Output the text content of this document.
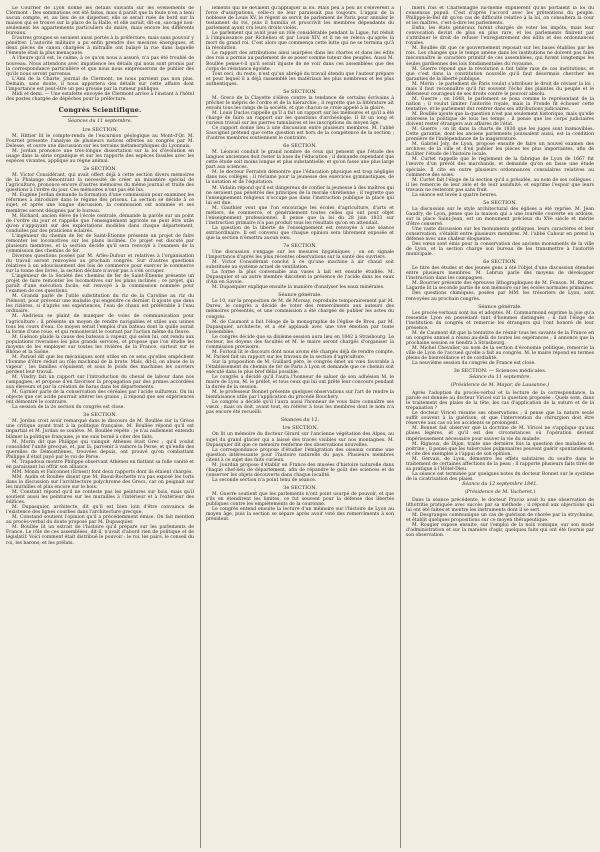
Le Courrier de Lyon donne les détails suivants sur les événements de Clermont : Des sommations ont été faites, mais il paraît que la foule n'en a tenu aucun compte, et, au lieu de se disperser, elle se serait ruée de bord sur la maison qui se trouve sur la place de la Halle, et elle aurait, dit-on, saccagé non-seulement les appartements particuliers du maire, mais encore les différents bureaux.

D'autres groupes se seraient aussi portés à la préfecture, mais sans pouvoir y pénétrer. L'autorité militaire a pu enfin prendre des mesures énergiques, et deux pièces de canon chargées à mitraille ont balayé la rue dans laquelle l'émeute était la plus menaçante.

A l'heure qu'il est, le calme, à ce qu'on nous a assuré, n'a pas été troublé de nouveau. Nous attendons avec impatience les détails qui nous sont promis par la correspondance particulière et que nous nous empresserons de publier dès qu'ils nous seront parvenus.

L'Ami de la Charte, journal de Clermont, ne nous parvient pas non plus. Demain, sans doute, il nous apportera des détails sur cette affaire dont l'importance est peut-être un peu grossie par la rumeur publique.

Midi et demi. — Une estafette envoyée de Clermont arrive à l'instant à l'hôtel des postes chargée de dépêches pour la préfecture.

Congrès Scientifique.
Séances du 11 septembre.
1re SECTION.

M. Hittier lit le compte-rendu de l'excursion géologique au Mont-d'Or. M. Fournet présente l'analyse de plusieurs notices offertes au congrès par M. Delesse, et ouvre une discussion sur les terrains métamorphiques du Lyonnais.

M. Jordan prononce une très-longue dissertation sur la loi d'évolution en usage dans la série organique et sur les rapports des espèces fossiles avec les espèces vivantes, appliqué au règne animal.

2e SECTION.

M. Victor Considérant, qui avait offert déjà à cette section divers mémoires de la Phalange démontrant la nécessité de créer un ministère spécial de l'agriculture, prononce encore d'autres mémoires du même journal et traite des questions à l'ordre du jour. Ces mémoires n'ont pas été lus.

M. Eugène Jordan demande la formation d'une commission pour examiner les réformes à introduire dans le régime des prisons. La section se décide à ce sujet, et après une longue discussion, la commission est nommée et ses membres seront désignés par le bureau.

M. Richard, ancien élève de l'école centrale, demande la parole sur un point de l'ordre du jour et rappelle que l'enseignement agricole ne peut être utile qu'en s'appuyant sur des exploitations modèles dans chaque département, conduites par des praticiens éclairés.

L'ingénieur du chemin de fer de Saint-Étienne présente un projet de faire remonter les locomotives sur les plans inclinés. Ce projet est discuté par plusieurs membres, et la section décide qu'il sera renvoyé à l'examen de la commission des chemins de fer.

Diverses questions posées par M. Arlès-Dufour et relatives à l'organisation du travail seront renvoyées au prochain congrès. Sur d'autres questions relatives à un adoucissement des lois de commerce pour exercer le commerce sur la tonne des livres, la section déclare n'avoir pas à s'en occuper.

L'ingénieur de la Société des chemins de fer de Saint-Étienne présente un projet de faire remonter les locomotives sur les plans inclinés ; ce projet, qui paraît d'une exécution facile, est renvoyé à la commission nommée pour l'examen de ces questions.

M. Granda parle de l'utile substitution du riz de la Caroline au riz du Piémont, pour prévenir une maladie qui engendre ce dernier. Il ajoute que dans les rizières, si d'après ses expériences, l'eau de chaux est préférable à l'eau ordinaire.

M. Andrieux se plaint de manquer de voies de communication pour l'agriculture : il présente un moyen de rendre navigables et utiles aux usines tous les cours d'eau. Ce moyen serait l'emploi d'un bateau dont la quille aurait la forme d'une roue, et qui remonterait le courant par l'action même du fleuve.

M. Guénon plaide la cause des bateaux à vapeur, qui selon lui, ont rendu aux populations riveraines les plus grands services, et propose que l'on étudie les moyens de les employer sur toutes les rivières de la France, surtout sur le Rhône et la Saône.

M. Parisel dit que les mécaniques sont utiles en ce sens qu'elles empêchent l'homme d'être réduit au rôle machinal de la brute. Mais, dit-il, on abuse de la vapeur ; les familles s'épuisent, et sous le poids des machines les ouvriers perdent leur travail.

M. Vindry fait un rapport sur l'introduction du cheval de labour dans nos campagnes, et propose d'en favoriser la propagation par des primes accordées aux éleveurs et par la création de haras dans les départements.

M. Garnier parle de la conservation des céréales par l'acide sulfureux. On lui objecte que cet acide pourrait altérer les grains ; il répond que ses expériences ont démontré le contraire.

La session de la 2e section du congrès est close.

3e SECTION.

M. Jordan croit avoir remarqué dans le discours de M. Boullée sur la Grèce une critique ayant trait à la politique française. M. Boullée répond qu'il est impartial et M. Jordan se soulève. M. Boullée répète : je n'ai nullement entendu blâmer la politique française, je me suis borné à citer des faits.

M. Morin dit que Philippe qui vainquit Athènes était Grec ; qu'il voulut consolider l'unité grecque, et, par là, parvenir à vaincre la Perse, et qu'enfin des querelles de Démosthènes, trouvées depuis, ont prouvé qu'en combattant Philippe il était payé par le roi de Perse.

M. Trapadoux montre Philippe observant Athènes en flattant sa folle vanité et en paraissant lui offrir son alliance.

MM. Monin et Falconnet (Ernest) font deux rapports dont ils étaient chargés.

MM. Audin et Boullée disent que M. Baoul-Rochette n'a pas exposé les torts dans la discussion sur l'architecture polychrome des Grecs, car on peignait sur les murailles et plus encore sur le bois.

M. Constant répond qu'il ne conteste pas les peintures sur bois, mais qu'il soutient aussi les peintures sur les murailles à l'intérieur et à l'extérieur des édifices.

M. Dupasquier, architecte, dit qu'il est bien loin d'être convaincu de l'existence des lignes courbes dans l'architecture grecque.

M. Constand soutient l'opinion qu'il a précédemment émise. On fait mention au procès-verbal du doute proposé par M. Dupasquier.

M. Boullée lit un extrait de l'histoire qu'il prépare sur les parlements de France. Le rôle de ces assemblées, dit-il, n'avait d'abord rien de politique et de législatif. Voici comment était distribué le pouvoir : le roi, les pairs, le conseil du roi, les barons, et les prélats.

lements qui ne devaient qu'appliquer la loi. Mais peu à peu ils s'élevèrent à force d'usurpations, celle-ci ne leur paraissait pas toujours. L'appui de la noblesse de Louis XV, le régent se servit de parlement de Paris pour annuler le testament du roi, puis il humilia et proscrivit les membres dépendants du parlement ayant cru leurs droits violés.

Le parlement qui avait joué un rôle considérable pendant la Ligue, fut réduit à l'impuissance par Richelieu et par Louis XIV, et il ne se releva qu'après la mort du grand roi. C'est alors que commença cette lutte qui ne se termina qu'à la révolution.

Le rapport des attributions ainsi usurpées dans les chartes et dans les édits des rois a permis au parlement de se poser comme tuteur des peuples. Aussi M. Boullée pense-t-il qu'il serait injuste de ne voir dans ces assemblées que des corps de résistance égoïste.

Tout ceci, du reste, n'est qu'un abrégé du travail étendu que l'auteur prépare et pour lequel il a déjà rassemblé les matériaux les plus nombreux et les plus authentiques.

5e SECTION.

M. Greco de la Clayette s'élève contre la tendance de certains écrivains à prêcher le mépris de l'ordre et de la hiérarchie ; il regrette que la littérature ait envahi tous les rangs de la société, et que chacun se croie appelé à la gloire.

M. Louis Duclos rappelle qu'il a fait un rapport sur les mémoires et qu'il a été chargé de faire un rapport sur les questions d'archéologie. Il lit un long et curieux travail sur les pierres tumulaires et les inscriptions du moyen âge.

Ce rapport donne lieu à une discussion entre plusieurs membres. M. l'abbé Sauvignet prétend que cette question est hors de la compétence de la section ; d'autres membres soutiennent le contraire.

6e SECTION.

M. Léoncel conduit le grand nombre de ceux qui pensent que l'étude des langues anciennes doit rester la base de l'éducation ; il demande cependant que cette étude soit moins longue et plus substantielle, et qu'on fasse une plus large part aux sciences.

M. le docteur Ferraton démontre que l'éducation physique est trop négligée dans nos collèges ; il réclame pour la jeunesse des exercices gymnastiques, de la natation et de l'équitation.

M. Vidalin répond qu'il est dangereux de confier la jeunesse à des maîtres qui ne seraient pas pénétrés des principes de la morale chrétienne ; il regrette que l'enseignement religieux n'occupe pas dans l'instruction publique la place qui lui est due.

M. Gauthier veut que l'on encourage les écoles d'agriculture, d'arts et métiers, de commerce, et généralement toutes celles qui ont pour objet l'enseignement professionnel. Il pense que la loi du 28 juin 1833 sur l'instruction primaire n'a pas produit tous les résultats qu'on en attendait.

La question de la liberté de l'enseignement est renvoyée à une séance extraordinaire. Il est convenu que chaque opinion sera librement exposée et que la section n'émettra aucun vœu.

7e SECTION.

Une discussion s'engage sur les mesures hygiéniques ; on en signale l'importance d'après les plus récentes observations sur la santé des ouvriers.

M. Victor Considérant conclut à ce qu'une machine à air chaud soit substituée au système actuel de ventilation.

La forme la plus convenable aux vases à lait est ensuite étudiée. M. Dupasquier et un autre membre discutent la présence de l'acide dans les eaux d'Aix en Savoie.

M. Dupasquier explique ensuite la manière d'analyser les eaux minérales.

Séance générale.

Le 10, sur la proposition de M. de Morsay, reproduite temporairement par M. Dureu, le congrès a décidé de voter des remercîments aux auteurs des mémoires présentés, et une commission a été chargée de publier les actes du congrès.

M. de Caumont a fait l'éloge de la monographie de l'église de Brou, par M. Dupasquier, architecte, et a été applaudi avec une vive émotion par toute l'assemblée.

Le congrès décide que sa dixième session aura lieu en 1842 à Strasbourg. Le recteur, les doyens des facultés et M. le maire seront chargés d'organiser la commission provisoire.

M. Fortoul lit le discours dont nous avons été chargés déjà de rendre compte. M. Parisel fait un rapport sur les travaux de la section d'agriculture.

Sur la proposition de M. Guillard père, le congrès émet un vœu favorable à l'établissement du chemin de fer de Paris à Lyon et demande que ce chemin soit exécuté dans le plus bref délai possible.

Le congrès a décidé qu'il l'aura l'honneur de saluer de son adhésion M. le maire de Lyon, M. le préfet, et tous ceux qui lui ont prêté leur concours pendant la durée de la session.

M. le professeur Bonnet présente quelques observations sur l'art de rendre la bienfaisance utile par l'application du procédé Bouchery.

Le congrès a décidé qu'il l'aura aussi l'honneur de vous faire connaître ses vœux ; mais on doit, avant tout, en référer à tous les membres dont le nom n'a pas encore été recueilli.

Séances du 12.
1re SECTION.

On lit un mémoire du docteur Girard sur l'ancienne végétation des Alpes, au sujet du grand glacier qui a laissé des traces visibles sur nos montagnes. M. Dupasquier dit que ce mémoire renferme des observations nouvelles.

La correspondance propose d'étudier l'émigration des oiseaux comme une question intéressante pour l'histoire naturelle du pays. Plusieurs membres citent à ce sujet des faits curieux.

M. Jourdan propose d'établir en France des musées d'histoire naturelle dans chaque chef-lieu de département, afin de répandre le goût des sciences et de conserver les objets découverts dans chaque localité.

La seconde section n'a point tenu de séance.

3e SECTION.

M. Guerre soutient que les parlements n'ont point usurpé de pouvoir, et que s'ils en étendirent les limites, ce fut souvent pour la défense des libertés publiques contre les empiètements de la couronne.

Le congrès entend ensuite la lecture d'un mémoire sur l'histoire de Lyon au moyen âge, puis la section se sépare après avoir voté des remercîments à son président.

miers rois et Charlemagne lui-même stipulèrent qu'ils portaient la loi du consensus populi. C'est d'après l'accord avec les prétentions du peuple. Philippe-le-Bel dit qu'en cas de difficulté relative à la loi, on consultera la cour et les maîtres, c'est-à-dire les parlements.

Enfin, les états généraux furent chargés de voter les impôts, mais leur convocation devint de plus en plus rare, et les parlements finirent par s'attribuer le droit de refuser l'enregistrement des édits et des ordonnances royales.

M. Boullée dit que ce gouvernement reposait sur les bases établies par les rois. Les changes que le temps amène dans les institutions ne doivent pas faire méconnaître le caractère primitif de ces assemblées, qui furent longtemps les seules gardiennes des lois fondamentales du royaume.

M. Guerre répond que la révolution a fait table rase de ces institutions, et que c'est dans la constitution nouvelle qu'il faut désormais chercher les garanties de la liberté publique.

M. Morin : le parlement de Paris voulut s'attribuer le droit de réviser la loi ; mais il faut reconnaître qu'il fut souvent l'écho des plaintes du peuple et le défenseur courageux de ses droits contre le pouvoir absolu.

M. Guerre : en 1648, le parlement se posa comme le représentant de la nation ; il voulut limiter l'autorité royale, mais la Fronde fit échouer cette tentative, et le parlement dut rentrer dans ses attributions judiciaires.

M. Boullée ajoute que la question n'est pas seulement historique, mais qu'elle intéresse la politique de tous les temps ; il pense que les corps judiciaires doivent rester étrangers aux affaires de l'état.

M. Guerre : on lit dans la charte de 1830 que les juges sont inamovibles. Cette garantie, dont les anciens parlements jouissaient aussi, est la condition première de l'indépendance de la magistrature.

M. Gabriel Joly, de Lyon, propose ensuite de faire un nouvel examen des archives de la ville et d'en publier les pièces les plus importantes, afin de faciliter l'étude de l'histoire locale.

M. Curtet rappelle que le règlement de la fabrique de Lyon de 1667 fut l'œuvre d'un prévôt des marchands, et demande qu'on en fasse une étude spéciale. Il cite en outre plusieurs ordonnances consulaires relatives au commerce des soies.

M. Curtet fait l'éloge de la section qu'il a présidée, au nom de ses collègues ; il les remercie de leur zèle et de leur assiduité, et exprime l'espoir que leurs travaux ne resteront pas sans fruit.

La séance est levée à quatre heures.

5e SECTION.

La discussion sur le style architectural des églises a été reprise. M. Jean Gaudry, de Lyon, pense que la maison qui a une tourelle couverte en ardoise, sur la place Saint-Jean, est un monument précieux du XVe siècle et mérite d'être conservé.

Une vaste discussion sur les monuments gothiques, leurs caractères et leur conservation, s'établit entre plusieurs membres. M. l'abbé Cahour en prend la défense avec une chaleur éloquente.

Des vœux sont émis pour la conservation des anciens monuments de la ville de Lyon, et la section charge son bureau de les transmettre à l'autorité municipale.

6e SECTION.

Le titre des études et des jeunes gens a été l'objet d'une discussion étendue entre plusieurs membres. M. Lebrun parle des moyens de développer l'instruction dans les campagnes.

M. Bourrier présente des épreuves lithographiques de M. Fonson. M. Bruner Lagarde lit la seconde partie de son mémoire sur les écoles normales primaires.

Des questions chimiques, posées par MM. les trésoriers de Lyon, sont renvoyées au prochain congrès.

Séance générale.

Les procès-verbaux sont lus et adoptés. M. Commarmond exprime la joie qu'a ressentie Lyon en possédant tant d'hommes distingués ; il fait l'éloge de l'institution du congrès et remercie les étrangers qui l'ont honoré de leur présence.

M. de Caumont dit que la tentative de réunir tous les savants de la France en un congrès annuel a réussi au-delà de toutes les espérances ; il annonce que la prochaine session se tiendra à Strasbourg.

M. Michel Chevalier, au nom de la section d'économie politique, remercie la ville de Lyon de l'accueil qu'elle a fait au congrès. M. le maire répond en termes pleins de bienveillance et de cordialité.

La neuvième session du congrès de France est close.

3e SECTION. — Sciences médicales.
Séance du 11 septembre.
(Présidence de M. Mayor, de Lausanne.)

Après l'adoption du procès-verbal et la lecture de la correspondance, la parole est donnée au docteur Viricel sur la question proposée : Quels sont, dans le traitement des plaies de la tête, les cas d'application de la suture et de la trépanation ?

Le docteur Viricel résume ses observations ; il pense que la nature seule suffit souvent à la guérison, et que l'intervention du chirurgien doit être réservée aux cas où les accidents se prolongent.

M. Bonnet fait observer que la doctrine de M. Viricel ne s'applique qu'aux plaies légères, et qu'il est des circonstances où l'opération devient impérieusement nécessaire pour sauver la vie du malade.

M. Rignoux, de Dijon, traite une dernière fois la question des maladies de poitrine ; il pense que les tubercules pulmonaires peuvent guérir spontanément, et cite des exemples à l'appui de son opinion.

M. Gervais, de Lyon, démontre les effets salutaires du soufre dans le traitement de certaines affections de la peau ; il rapporte plusieurs faits tirés de sa pratique à l'Hôtel-Dieu.

La séance est terminée par quelques notes du docteur Bonnet sur le système de la cicatrisation des plaies.

Séance du 12 septembre 1841.
(Présidence de M. Vacheret.)

Dans la séance précédente, le docteur Pravaz avait lu une observation de lithotritie pratiquée avec succès par sa méthode ; il répond aux objections qui lui ont été faites et montre les instruments dont il se sert.

M. Desgranges communique un cas de guérison de chorée par la strychnine, et établit quelques propositions sur ce moyen thérapeutique.

M. Rougier expose ensuite, sur l'emploi de la noix vomique, sur son mode d'administration et sur la manière d'agir, quelques faits qui ont été fournis par son observation.
